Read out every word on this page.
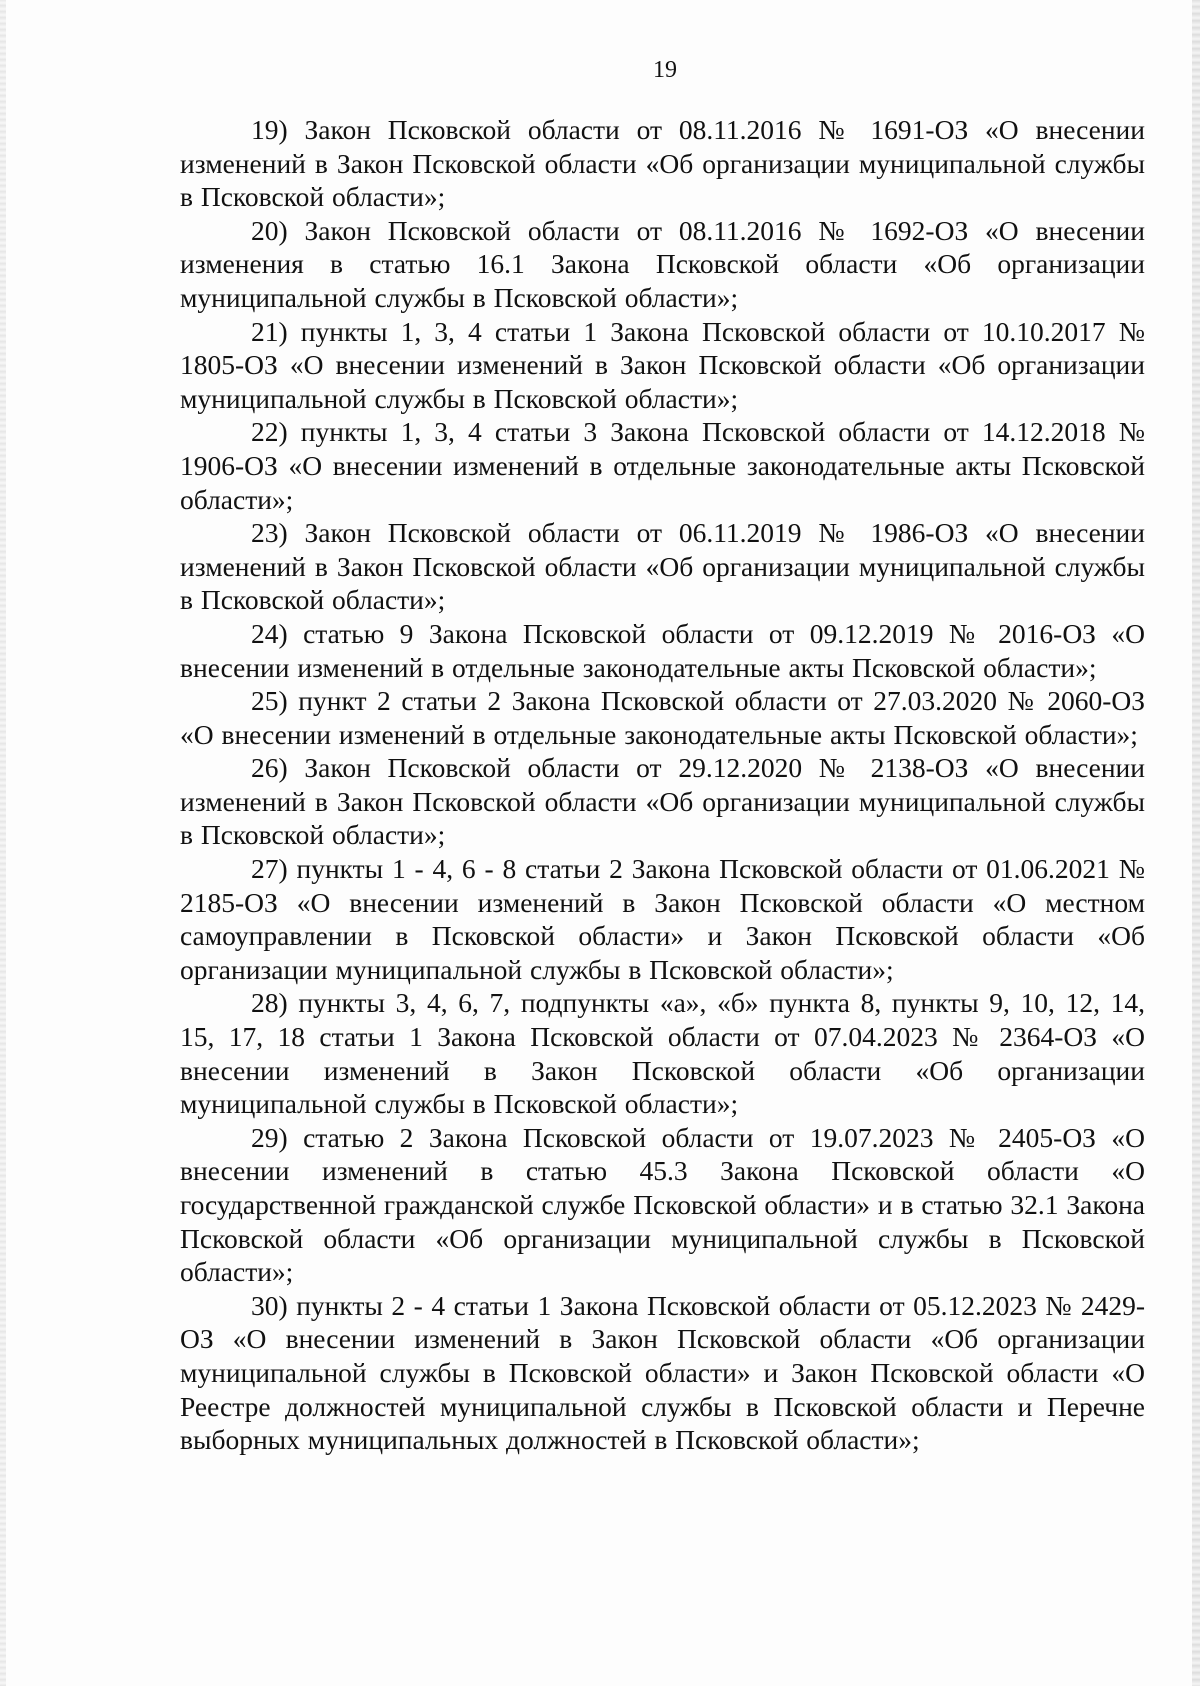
19

19) Закон Псковской области от 08.11.2016 № 1691-ОЗ «О внесении изменений в Закон Псковской области «Об организации муниципальной службы в Псковской области»;

20) Закон Псковской области от 08.11.2016 № 1692-ОЗ «О внесении изменения в статью 16.1 Закона Псковской области «Об организации муниципальной службы в Псковской области»;

21) пункты 1, 3, 4 статьи 1 Закона Псковской области от 10.10.2017 № 1805-ОЗ «О внесении изменений в Закон Псковской области «Об организации муниципальной службы в Псковской области»;

22) пункты 1, 3, 4 статьи 3 Закона Псковской области от 14.12.2018 № 1906-ОЗ «О внесении изменений в отдельные законодательные акты Псковской области»;

23) Закон Псковской области от 06.11.2019 № 1986-ОЗ «О внесении изменений в Закон Псковской области «Об организации муниципальной службы в Псковской области»;

24) статью 9 Закона Псковской области от 09.12.2019 № 2016-ОЗ «О внесении изменений в отдельные законодательные акты Псковской области»;

25) пункт 2 статьи 2 Закона Псковской области от 27.03.2020 № 2060-ОЗ «О внесении изменений в отдельные законодательные акты Псковской области»;

26) Закон Псковской области от 29.12.2020 № 2138-ОЗ «О внесении изменений в Закон Псковской области «Об организации муниципальной службы в Псковской области»;

27) пункты 1 - 4, 6 - 8 статьи 2 Закона Псковской области от 01.06.2021 № 2185-ОЗ «О внесении изменений в Закон Псковской области «О местном самоуправлении в Псковской области» и Закон Псковской области «Об организации муниципальной службы в Псковской области»;

28) пункты 3, 4, 6, 7, подпункты «а», «б» пункта 8, пункты 9, 10, 12, 14, 15, 17, 18 статьи 1 Закона Псковской области от 07.04.2023 № 2364-ОЗ «О внесении изменений в Закон Псковской области «Об организации муниципальной службы в Псковской области»;

29) статью 2 Закона Псковской области от 19.07.2023 № 2405-ОЗ «О внесении изменений в статью 45.3 Закона Псковской области «О государственной гражданской службе Псковской области» и в статью 32.1 Закона Псковской области «Об организации муниципальной службы в Псковской области»;

30) пункты 2 - 4 статьи 1 Закона Псковской области от 05.12.2023 № 2429-ОЗ «О внесении изменений в Закон Псковской области «Об организации муниципальной службы в Псковской области» и Закон Псковской области «О Реестре должностей муниципальной службы в Псковской области и Перечне выборных муниципальных должностей в Псковской области»;
